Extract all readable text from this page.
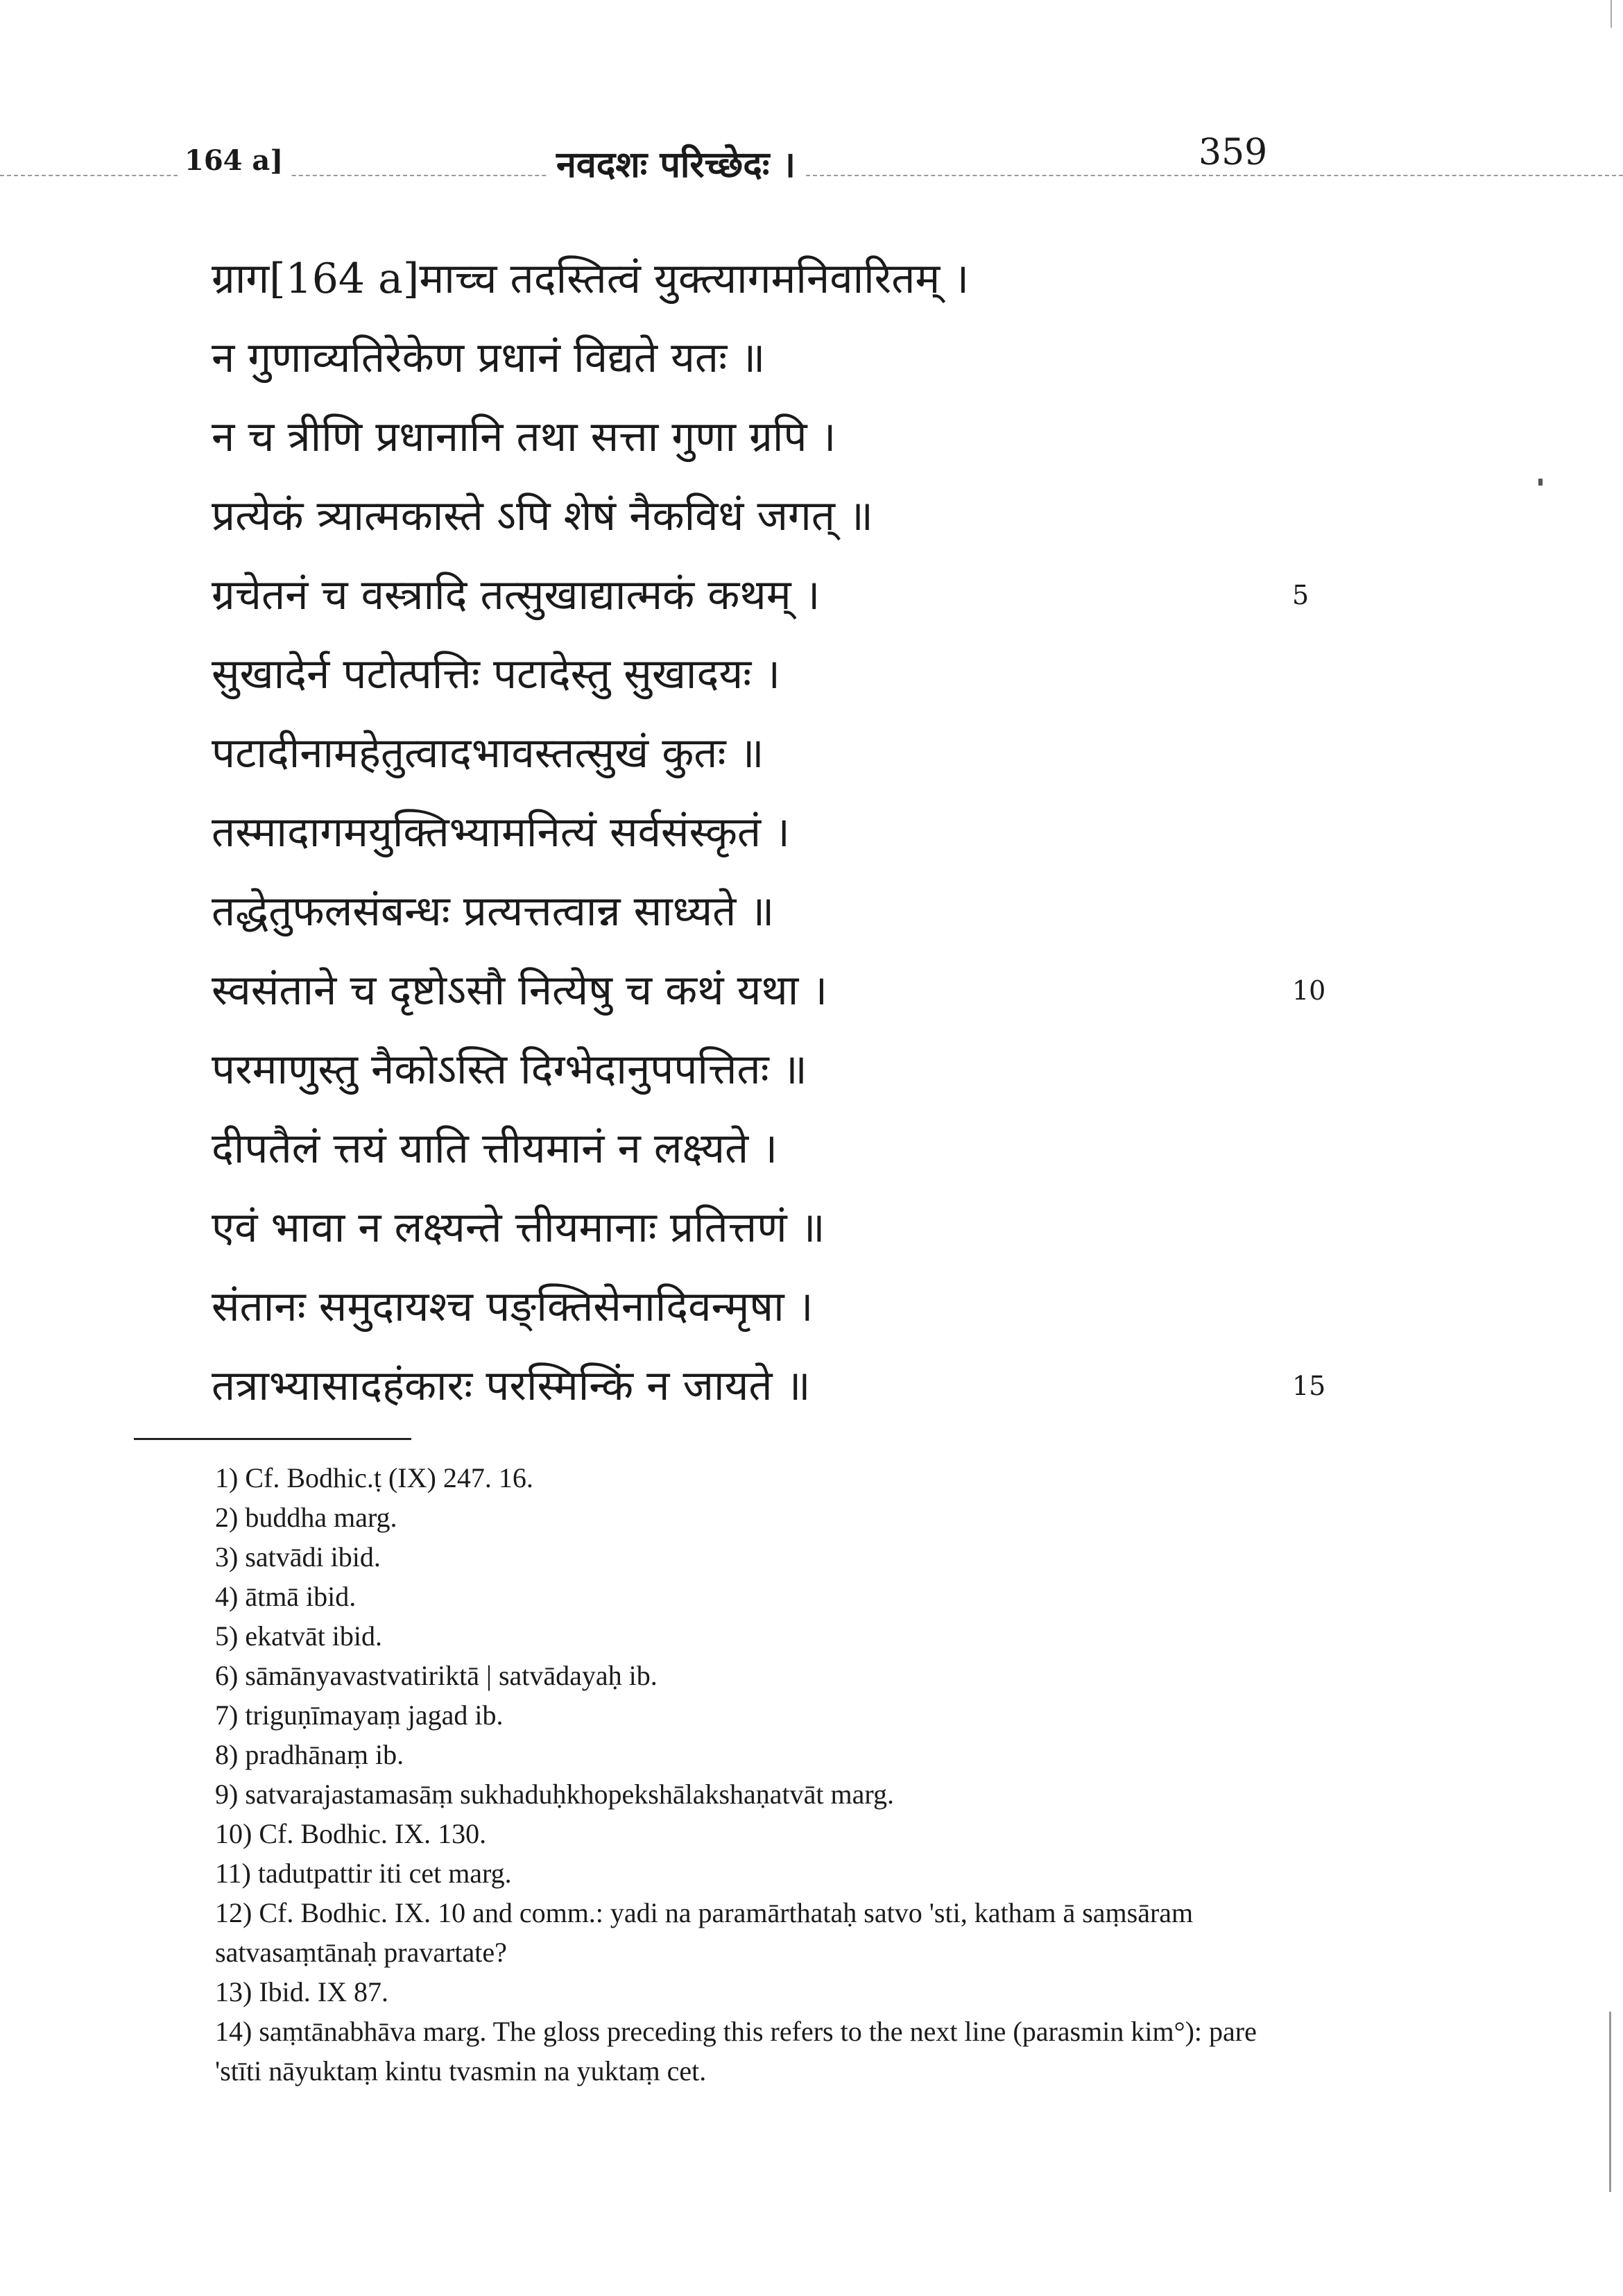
164 a]	नवदशः परिच्छेदः ।	359
ग्राग[164 a]माच्च तदस्तित्वं युक्त्यागमनिवारितम् ।
न गुणाव्यतिरेकेण प्रधानं विद्यते यतः ॥
न च त्रीणि प्रधानानि तथा सत्ता गुणा ग्रपि ।
प्रत्येकं त्र्यात्मकास्ते ऽपि शेषं नैकविधं जगत् ॥
ग्रचेतनं च वस्त्रादि तत्सुखाद्यात्मकं कथम् ।	5
सुखादेर्न पटोत्पत्तिः पटादेस्तु सुखादयः ।
पटादीनामहेतुत्वादभावस्तत्सुखं कुतः ॥
तस्मादागमयुक्तिभ्यामनित्यं सर्वसंस्कृतं ।
तद्धेतुफलसंबन्धः प्रत्यत्तत्वान्न साध्यते ॥
स्वसंताने च दृष्टोऽसौ नित्येषु च कथं यथा ।	10
परमाणुस्तु नैकोऽस्ति दिग्भेदानुपपत्तितः ॥
दीपतैलं त्तयं याति त्तीयमानं न लक्ष्यते ।
एवं भावा न लक्ष्यन्ते त्तीयमानाः प्रतित्तणं ॥
संतानः समुदायश्च पङ्क्तिसेनादिवन्मृषा ।
तत्राभ्यासादहंकारः परस्मिन्किं न जायते ॥	15
1) Cf. Bodhic.ṭ (IX) 247. 16.
2) buddha marg.
3) satvādi ibid.
4) ātmā ibid.
5) ekatvāt ibid.
6) sāmānyavastvatiriktā | satvādayaḥ ib.
7) triguṇīmayaṃ jagad ib.
8) pradhānaṃ ib.
9) satvarajastamasāṃ sukhaduḥkhopekshālakshaṇatvāt marg.
10) Cf. Bodhic. IX. 130.
11) tadutpattir iti cet marg.
12) Cf. Bodhic. IX. 10 and comm.: yadi na paramārthataḥ satvo 'sti, katham ā saṃsāram satvasaṃtānaḥ pravartate?
13) Ibid. IX 87.
14) saṃtānabhāva marg. The gloss preceding this refers to the next line (parasmin kim°): pare 'stīti nāyuktaṃ kintu tvasmin na yuktaṃ cet.
